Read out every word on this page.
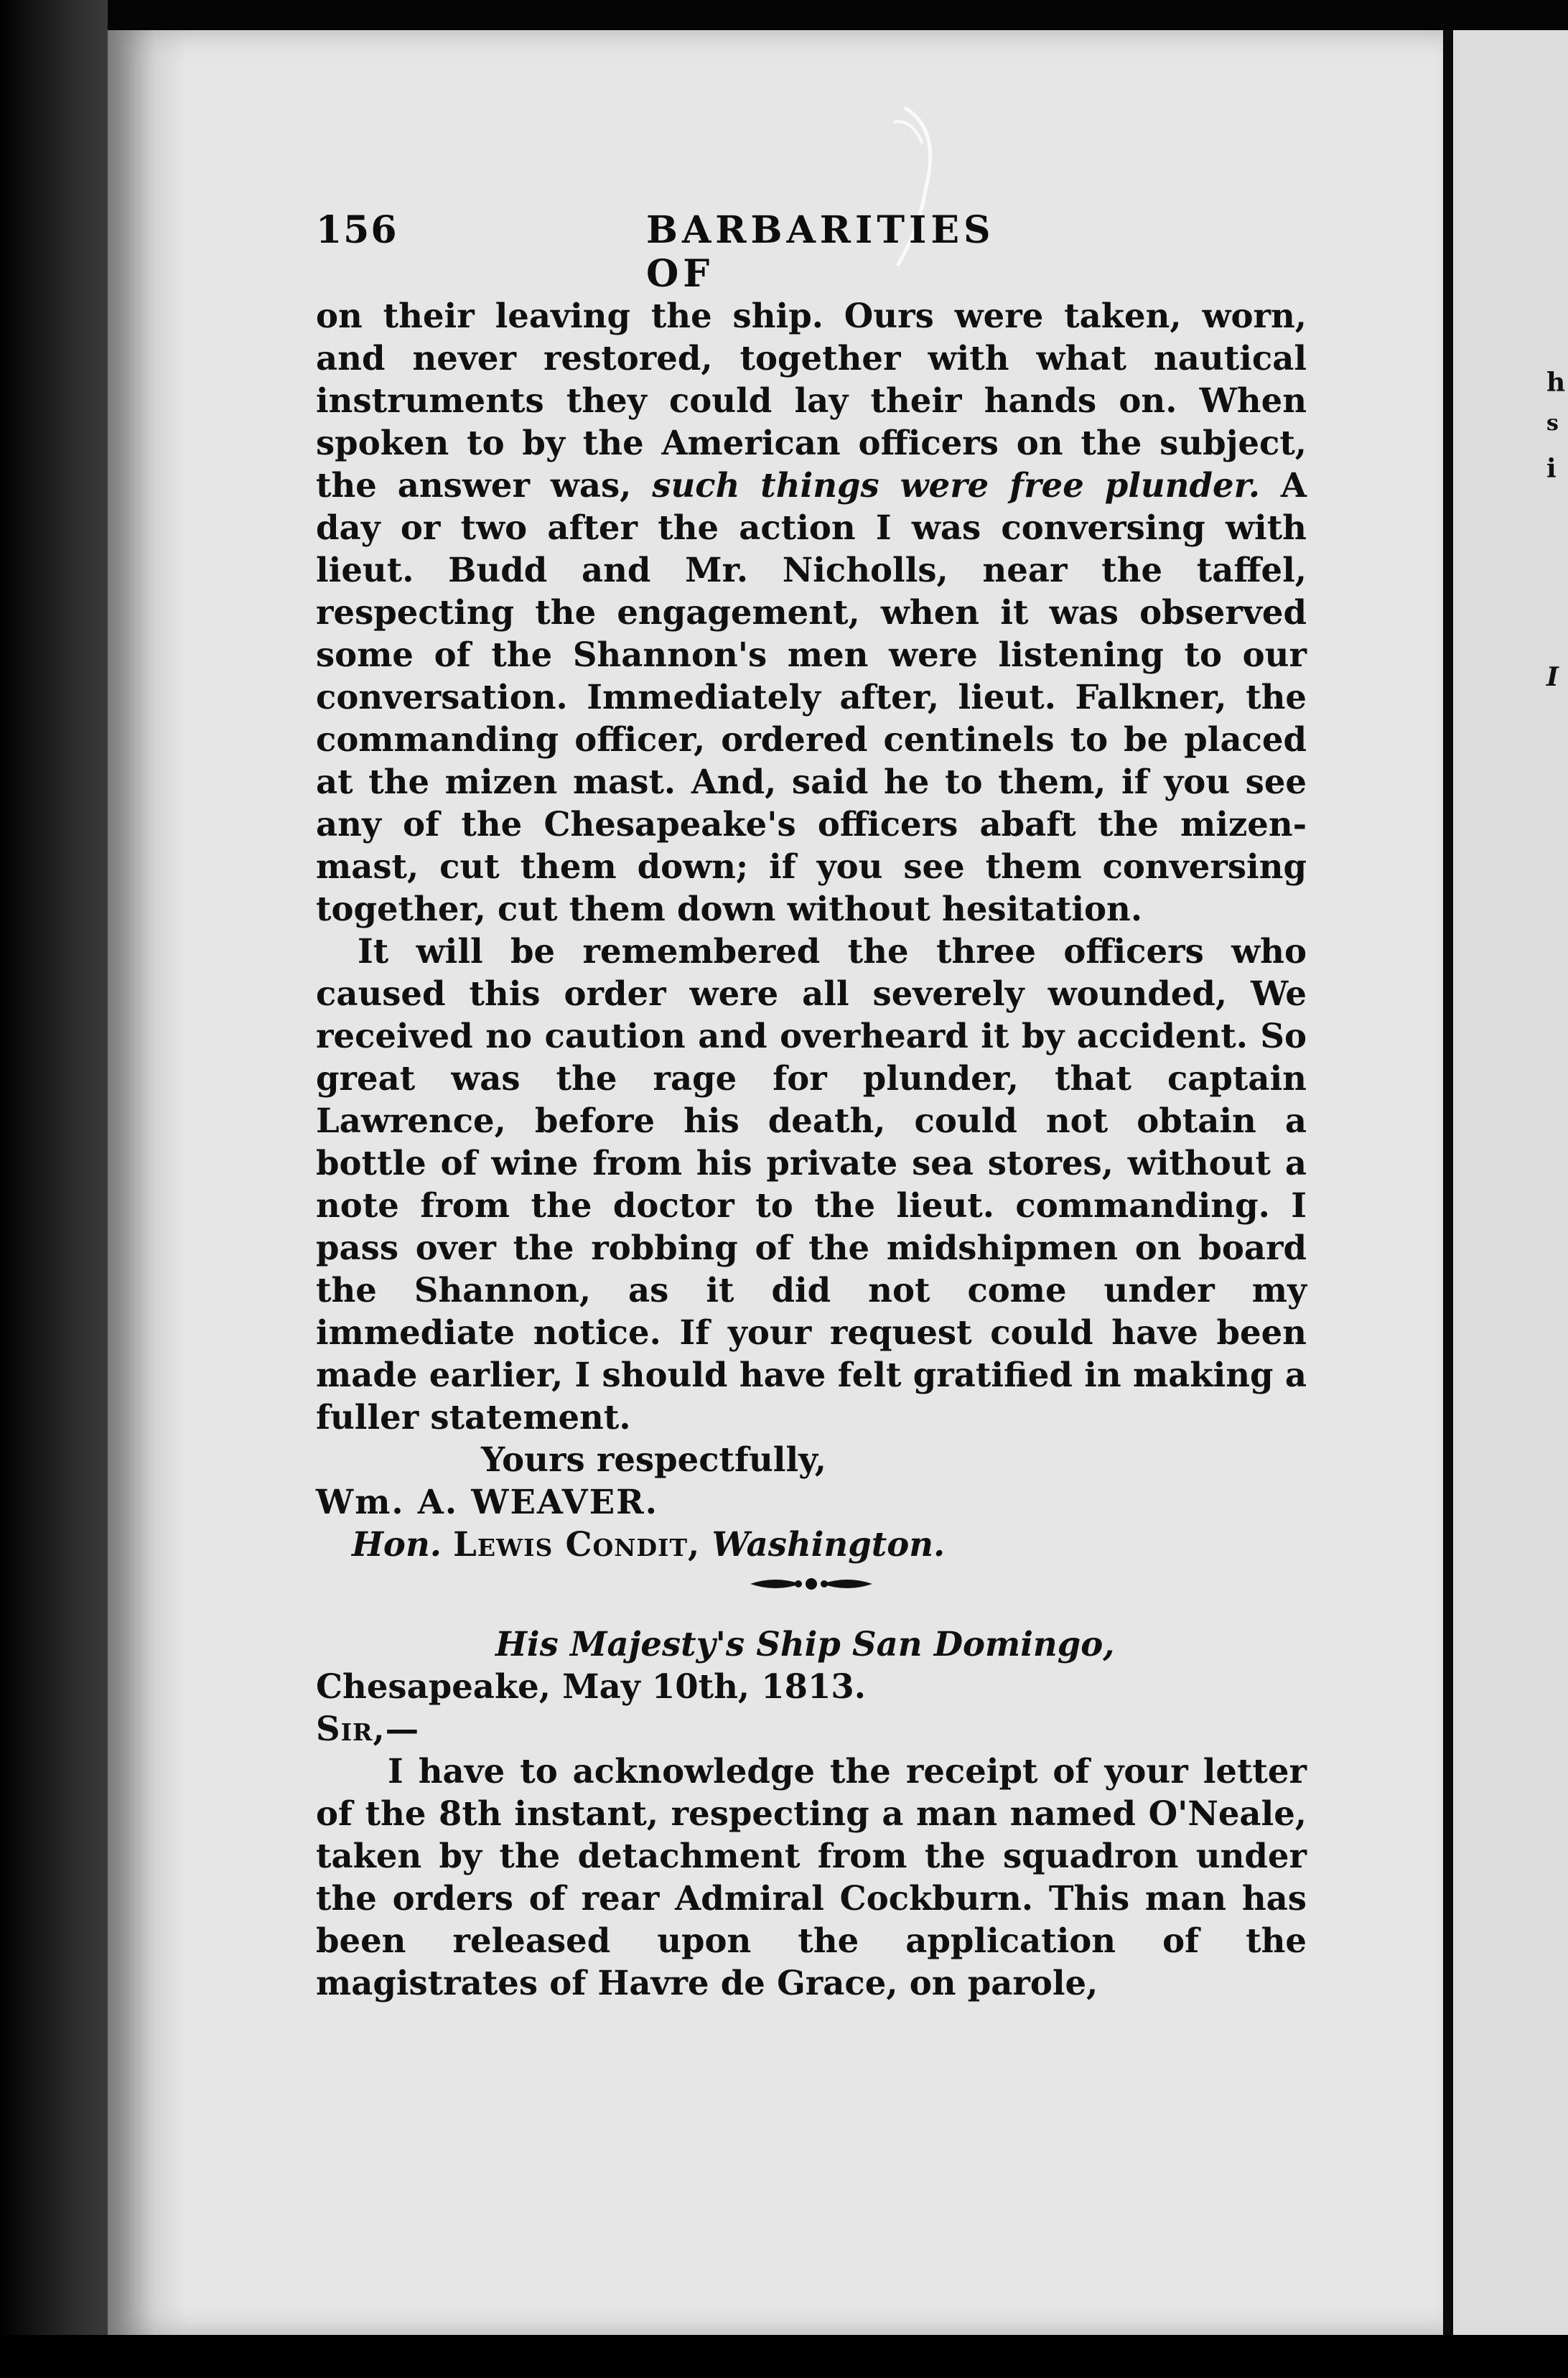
156	BARBARITIES OF

on their leaving the ship. Ours were taken, worn, and never restored, together with what nautical instruments they could lay their hands on. When spoken to by the American officers on the subject, the answer was, such things were free plunder. A day or two after the action I was conversing with lieut. Budd and Mr. Nicholls, near the taffel, respecting the engagement, when it was observed some of the Shannon's men were listening to our conversation. Immediately after, lieut. Falkner, the commanding officer, ordered centinels to be placed at the mizen mast. And, said he to them, if you see any of the Chesapeake's officers abaft the mizen-mast, cut them down; if you see them conversing together, cut them down without hesitation.

It will be remembered the three officers who caused this order were all severely wounded, We received no caution and overheard it by accident. So great was the rage for plunder, that captain Lawrence, before his death, could not obtain a bottle of wine from his private sea stores, without a note from the doctor to the lieut. commanding. I pass over the robbing of the midshipmen on board the Shannon, as it did not come under my immediate notice. If your request could have been made earlier, I should have felt gratified in making a fuller statement.

Yours respectfully,

Wm. A. WEAVER.

Hon. Lewis Condit, Washington.

His Majesty's Ship San Domingo,

Chesapeake, May 10th, 1813.

Sir,—

I have to acknowledge the receipt of your letter of the 8th instant, respecting a man named O'Neale, taken by the detachment from the squadron under the orders of rear Admiral Cockburn. This man has been released upon the application of the magistrates of Havre de Grace, on parole,

h
s
i
I
